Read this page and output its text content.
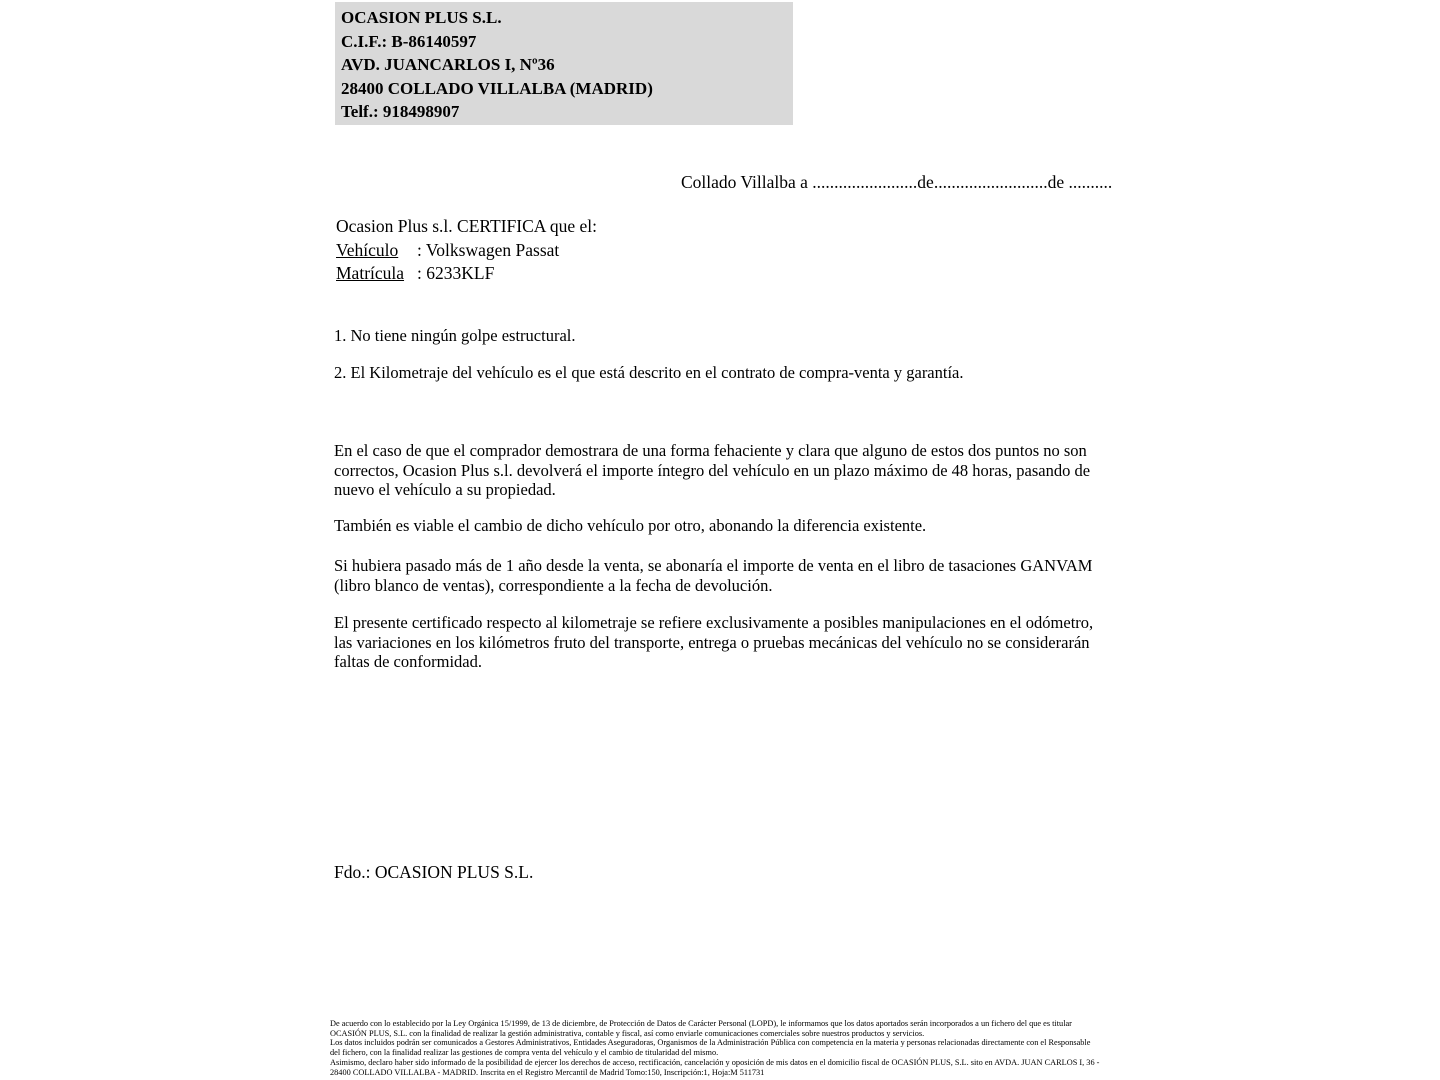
OCASION PLUS S.L.
C.I.F.: B-86140597
AVD. JUANCARLOS I, Nº36
28400 COLLADO VILLALBA (MADRID)
Telf.: 918498907
Collado Villalba a ........................de..........................de ..........
Ocasion Plus s.l. CERTIFICA que el:
Vehículo : Volkswagen Passat
Matrícula : 6233KLF
1. No tiene ningún golpe estructural.
2. El Kilometraje del vehículo es el que está descrito en el contrato de compra-venta y garantía.
En el caso de que el comprador demostrara de una forma fehaciente y clara que alguno de estos dos puntos no son correctos, Ocasion Plus s.l. devolverá el importe íntegro del vehículo en un plazo máximo de 48 horas, pasando de nuevo el vehículo a su propiedad.
También es viable el cambio de dicho vehículo por otro, abonando la diferencia existente.
Si hubiera pasado más de 1 año desde la venta, se abonaría el importe de venta en el libro de tasaciones GANVAM (libro blanco de ventas), correspondiente a la fecha de devolución.
El presente certificado respecto al kilometraje se refiere exclusivamente a posibles manipulaciones en el odómetro, las variaciones en los kilómetros fruto del transporte, entrega o pruebas mecánicas del vehículo no se considerarán faltas de conformidad.
Fdo.: OCASION PLUS S.L.
De acuerdo con lo establecido por la Ley Orgánica 15/1999, de 13 de diciembre, de Protección de Datos de Carácter Personal (LOPD), le informamos que los datos aportados serán incorporados a un fichero del que es titular OCASIÓN PLUS, S.L. con la finalidad de realizar la gestión administrativa, contable y fiscal, así como enviarle comunicaciones comerciales sobre nuestros productos y servicios.
Los datos incluidos podrán ser comunicados a Gestores Administrativos, Entidades Aseguradoras, Organismos de la Administración Pública con competencia en la materia y personas relacionadas directamente con el Responsable del fichero, con la finalidad realizar las gestiones de compra venta del vehículo y el cambio de titularidad del mismo.
Asimismo, declaro haber sido informado de la posibilidad de ejercer los derechos de acceso, rectificación, cancelación y oposición de mis datos en el domicilio fiscal de OCASIÓN PLUS, S.L. sito en AVDA. JUAN CARLOS I, 36 - 28400 COLLADO VILLALBA - MADRID. Inscrita en el Registro Mercantil de Madrid Tomo:150, Inscripción:1, Hoja:M 511731
